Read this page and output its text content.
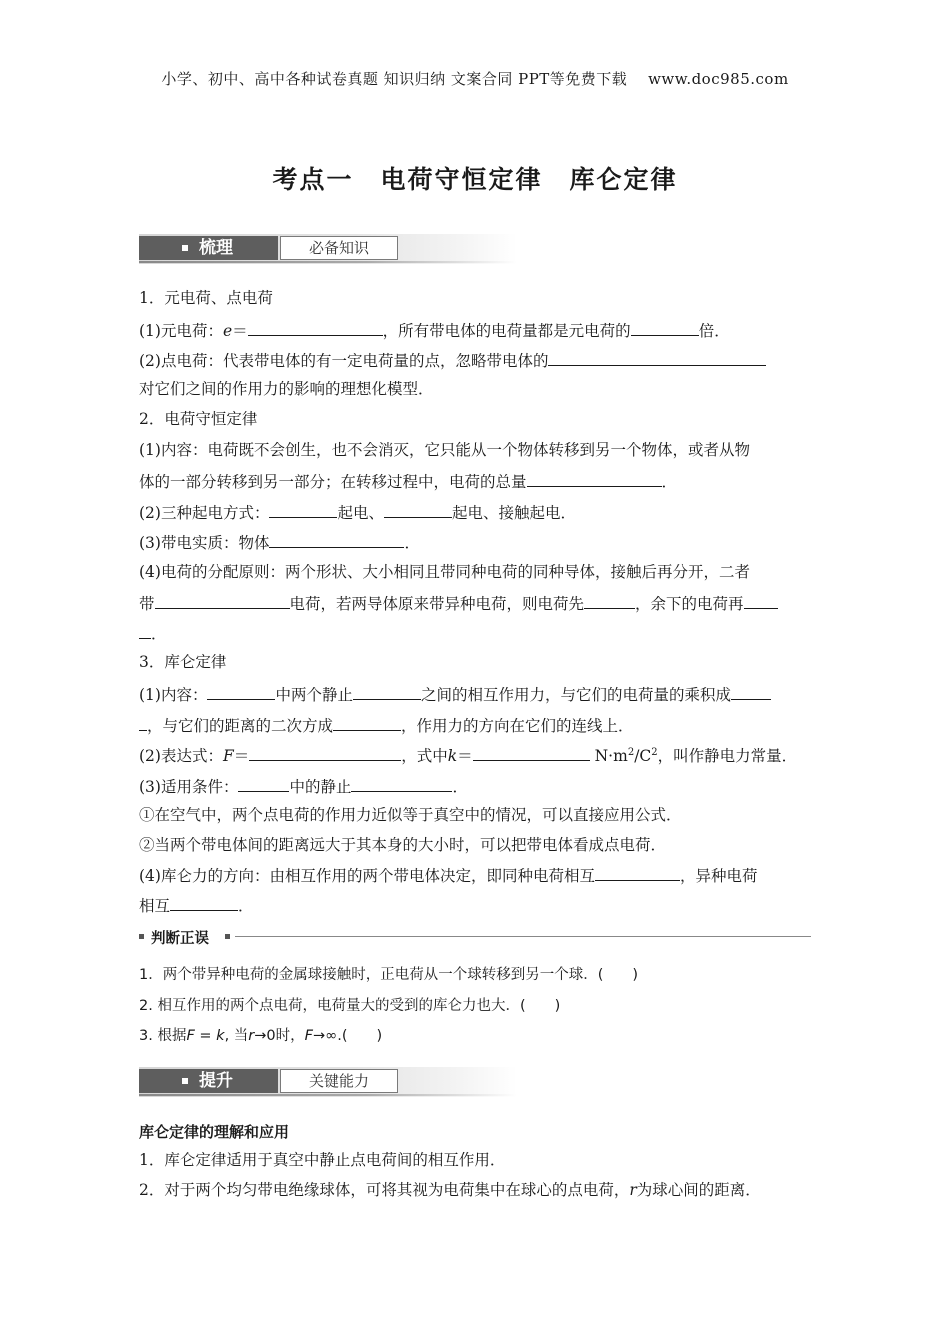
小学、初中、高中各种试卷真题 知识归纳 文案合同 PPT等免费下载　 www.doc985.com
考点一　电荷守恒定律　库仑定律
梳理	必备知识
1．元电荷、点电荷
(1)元电荷：e＝	，所有带电体的电荷量都是元电荷的	倍．
(2)点电荷：代表带电体的有一定电荷量的点，忽略带电体的
对它们之间的作用力的影响的理想化模型．
2．电荷守恒定律
(1)内容：电荷既不会创生，也不会消灭，它只能从一个物体转移到另一个物体，或者从物
体的一部分转移到另一部分；在转移过程中，电荷的总量	．
(2)三种起电方式：	起电、	起电、接触起电．
(3)带电实质：物体	．
(4)电荷的分配原则：两个形状、大小相同且带同种电荷的同种导体，接触后再分开，二者
带	电荷，若两导体原来带异种电荷，则电荷先	，余下的电荷再
．
3．库仑定律
(1)内容：	中两个静止	之间的相互作用力，与它们的电荷量的乘积成
，与它们的距离的二次方成	，作用力的方向在它们的连线上．
(2)表达式：F＝	，式中k＝	$N\cdot m^2/C^2$，叫作静电力常量．
(3)适用条件：	中的静止	．
①在空气中，两个点电荷的作用力近似等于真空中的情况，可以直接应用公式．
②当两个带电体间的距离远大于其本身的大小时，可以把带电体看成点电荷．
(4)库仑力的方向：由相互作用的两个带电体决定，即同种电荷相互	，异种电荷
相互	．
判断正误
1．两个带异种电荷的金属球接触时，正电荷从一个球转移到另一个球．(　　)
2. 相互作用的两个点电荷，电荷量大的受到的库仑力也大．(　　)
3. 根据F = k, 当r→0时，F→∞.(　　)
提升	关键能力
库仑定律的理解和应用
1．库仑定律适用于真空中静止点电荷间的相互作用．
2．对于两个均匀带电绝缘球体，可将其视为电荷集中在球心的点电荷，r为球心间的距离．
